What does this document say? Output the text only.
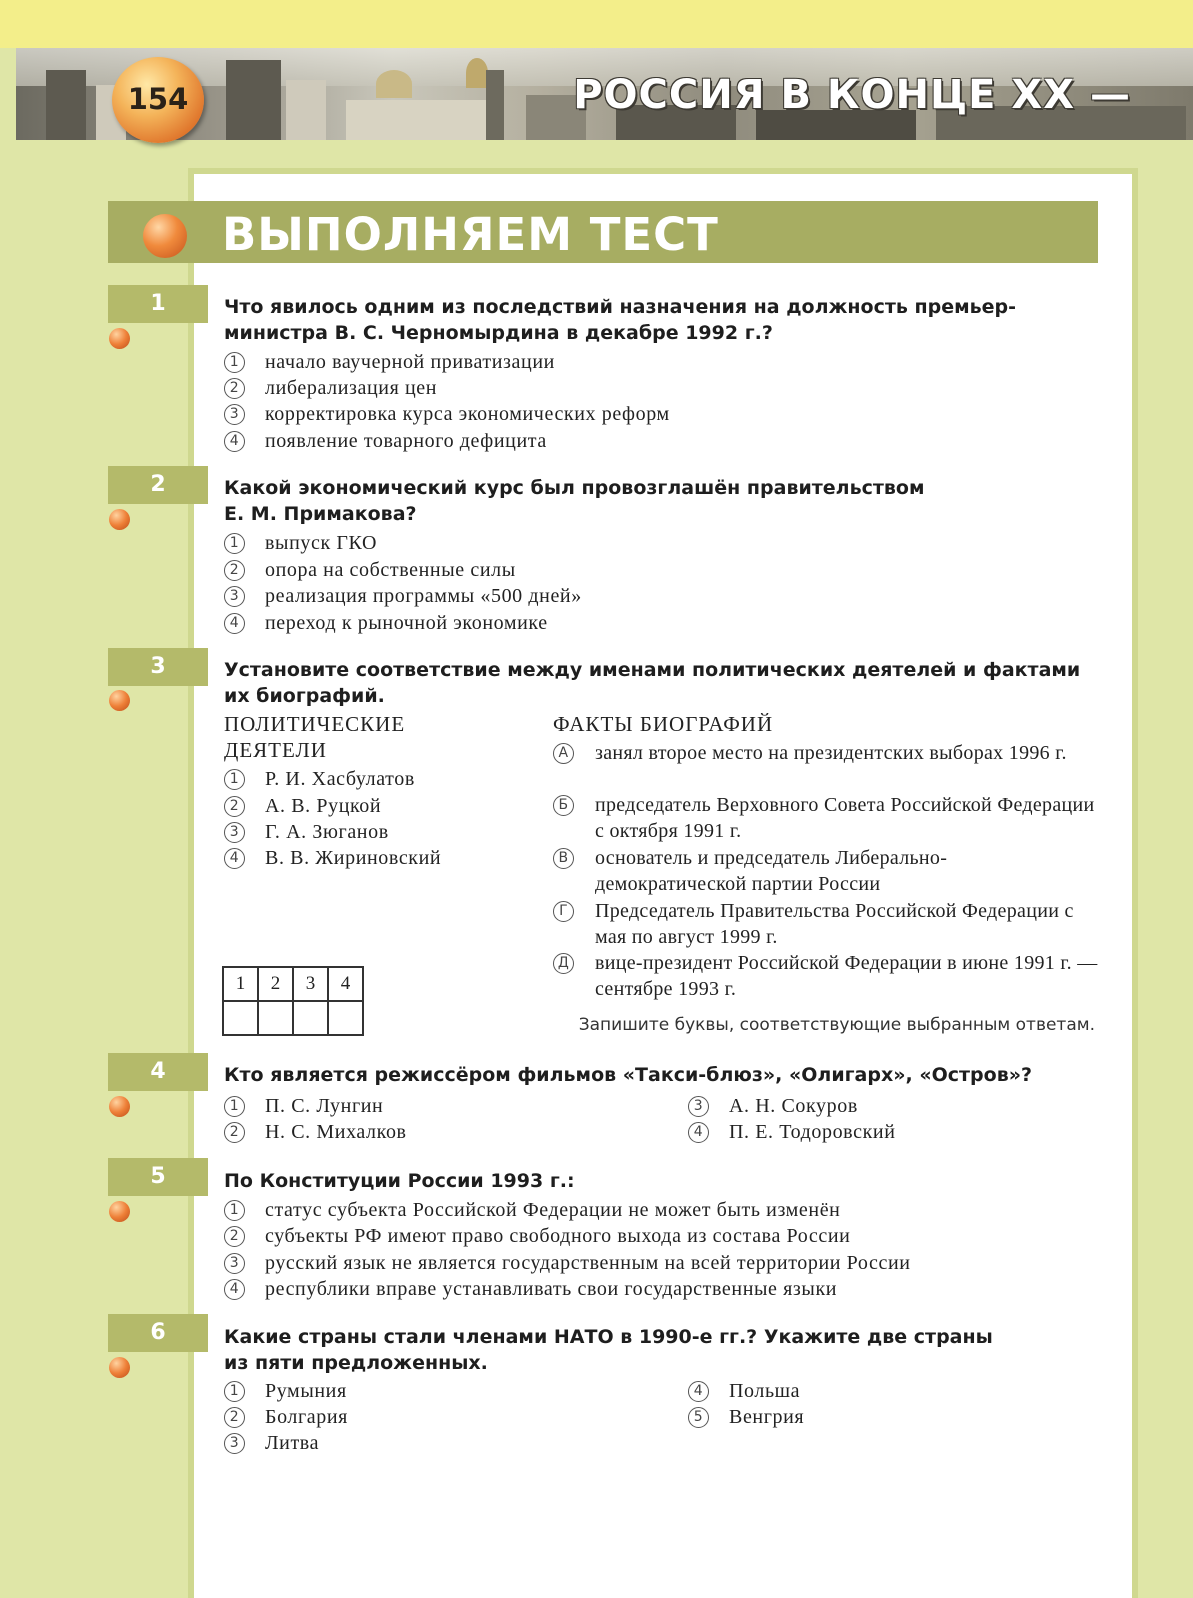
154	РОССИЯ В КОНЦЕ XX —
ВЫПОЛНЯЕМ ТЕСТ
1	Что явилось одним из последствий назначения на должность премьер-
министра В. С. Черномырдина в декабре 1992 г.?
1 начало ваучерной приватизации
2 либерализация цен
3 корректировка курса экономических реформ
4 появление товарного дефицита
2	Какой экономический курс был провозглашён правительством
Е. М. Примакова?
1 выпуск ГКО
2 опора на собственные силы
3 реализация программы «500 дней»
4 переход к рыночной экономике
3	Установите соответствие между именами политических деятелей и фактами
их биографий.
ПОЛИТИЧЕСКИЕ
ДЕЯТЕЛИ
ФАКТЫ БИОГРАФИЙ
1 Р. И. Хасбулатов
2 А. В. Руцкой
3 Г. А. Зюганов
4 В. В. Жириновский
А занял второе место на президентских выборах 1996 г.
Б председатель Верховного Совета Российской Федерации с октября 1991 г.
В основатель и председатель Либерально-демократической партии России
Г	Председатель Правительства Российской Федерации с мая по август 1999 г.
Д вице-президент Российской Федерации в июне 1991 г. — сентябре 1993 г.
1	2	3	4

Запишите буквы, соответствующие выбранным ответам.
4	Кто является режиссёром фильмов «Такси-блюз», «Олигарх», «Остров»?
1 П. С. Лунгин
2 Н. С. Михалков
3 А. Н. Сокуров
4 П. Е. Тодоровский
5	По Конституции России 1993 г.:
1 статус субъекта Российской Федерации не может быть изменён
2 субъекты РФ имеют право свободного выхода из состава России
3 русский язык не является государственным на всей территории России
4 республики вправе устанавливать свои государственные языки
6	Какие страны стали членами НАТО в 1990-е гг.? Укажите две страны
из пяти предложенных.
1 Румыния
2 Болгария
3 Литва
4 Польша
5 Венгрия
